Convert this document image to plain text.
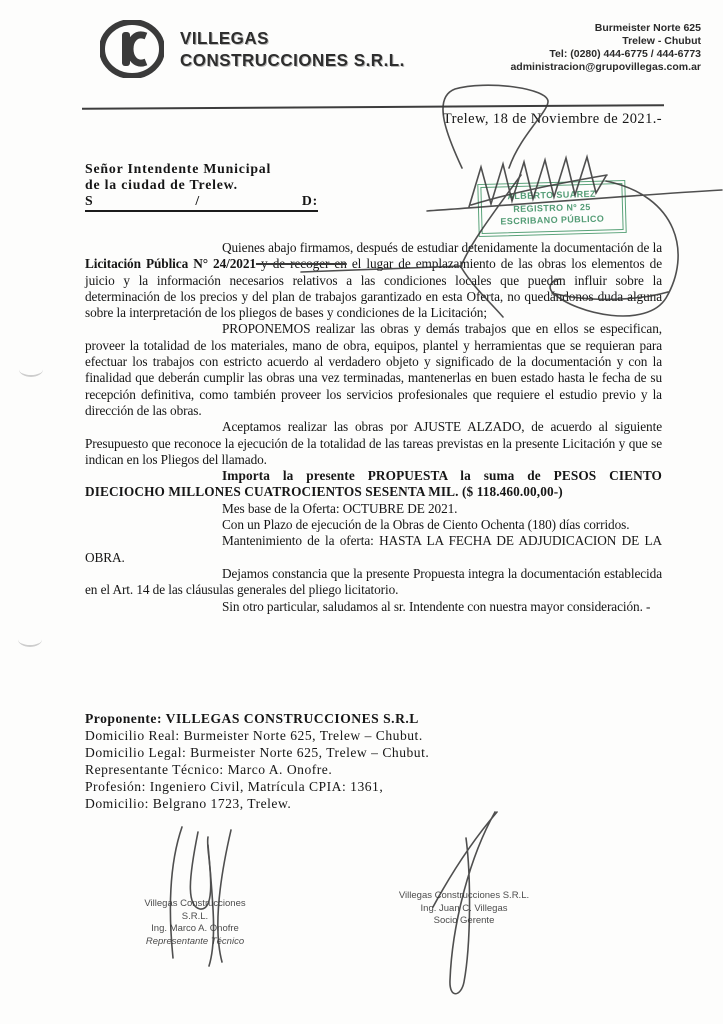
VILLEGAS
CONSTRUCCIONES S.R.L.
Burmeister Norte 625
Trelew - Chubut
Tel: (0280) 444-6775 / 444-6773
administracion@grupovillegas.com.ar
Trelew, 18 de Noviembre de 2021.-
Señor Intendente Municipal
de la ciudad de Trelew.
S	/	D:	ALBERTO SUAREZ
REGISTRO Nº 25
ESCRIBANO PÚBLICO

Quienes abajo firmamos, después de estudiar detenidamente la documentación de la Licitación Pública N° 24/2021 y de recoger en el lugar de emplazamiento de las obras los elementos de juicio y la información necesarios relativos a las condiciones locales que puedan influir sobre la determinación de los precios y del plan de trabajos garantizado en esta Oferta, no quedándonos duda alguna sobre la interpretación de los pliegos de bases y condiciones de la Licitación;

PROPONEMOS realizar las obras y demás trabajos que en ellos se especifican, proveer la totalidad de los materiales, mano de obra, equipos, plantel y herramientas que se requieran para efectuar los trabajos con estricto acuerdo al verdadero objeto y significado de la documentación y con la finalidad que deberán cumplir las obras una vez terminadas, mantenerlas en buen estado hasta le fecha de su recepción definitiva, como también proveer los servicios profesionales que requiere el estudio previo y la dirección de las obras.

Aceptamos realizar las obras por AJUSTE ALZADO, de acuerdo al siguiente Presupuesto que reconoce la ejecución de la totalidad de las tareas previstas en la presente Licitación y que se indican en los Pliegos del llamado.

Importa la presente PROPUESTA la suma de PESOS CIENTO DIECIOCHO MILLONES CUATROCIENTOS SESENTA MIL. ($ 118.460.00,00-)

Mes base de la Oferta: OCTUBRE DE 2021.

Con un Plazo de ejecución de la Obras de Ciento Ochenta (180) días corridos.

Mantenimiento de la oferta: HASTA LA FECHA DE ADJUDICACION DE LA OBRA.

Dejamos constancia que la presente Propuesta integra la documentación establecida en el Art. 14 de las cláusulas generales del pliego licitatorio.

Sin otro particular, saludamos al sr. Intendente con nuestra mayor consideración. -

Proponente: VILLEGAS CONSTRUCCIONES S.R.L
Domicilio Real: Burmeister Norte 625, Trelew – Chubut.
Domicilio Legal: Burmeister Norte 625, Trelew – Chubut.
Representante Técnico: Marco A. Onofre.
Profesión: Ingeniero Civil, Matrícula CPIA: 1361,
Domicilio: Belgrano 1723, Trelew.
Villegas Construcciones S.R.L.
Ing. Marco A. Onofre
Representante Técnico
Villegas Construcciones S.R.L.
Ing. Juan C. Villegas
Socio Gerente
